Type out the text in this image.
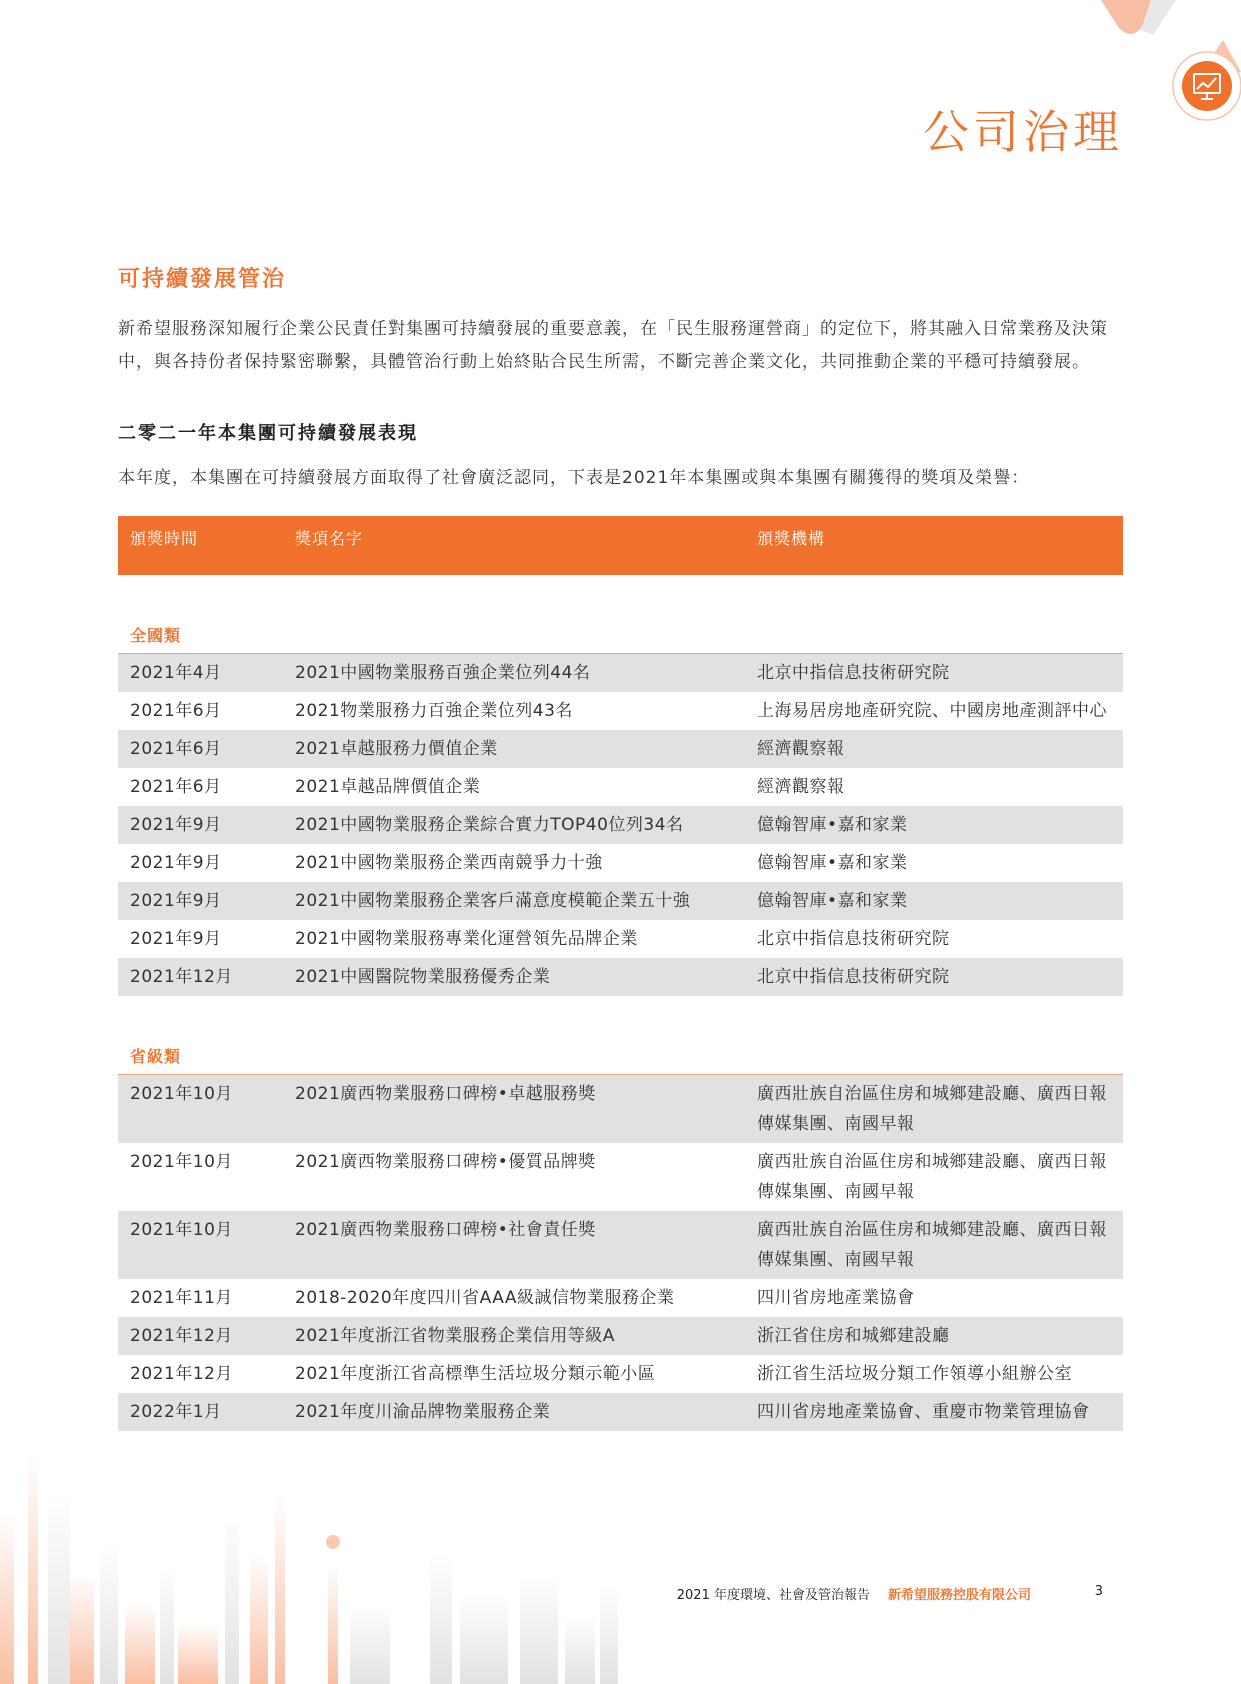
公司治理
可持續發展管治

新希望服務深知履行企業公民責任對集團可持續發展的重要意義，在「民生服務運營商」的定位下，將其融入日常業務及決策中，與各持份者保持緊密聯繫，具體管治行動上始終貼合民生所需，不斷完善企業文化，共同推動企業的平穩可持續發展。

二零二一年本集團可持續發展表現

本年度，本集團在可持續發展方面取得了社會廣泛認同，下表是2021年本集團或與本集團有關獲得的獎項及榮譽：

頒獎時間	獎項名字	頒獎機構

全國類		
2021年4月	2021中國物業服務百強企業位列44名	北京中指信息技術研究院
2021年6月	2021物業服務力百強企業位列43名	上海易居房地產研究院、中國房地產測評中心
2021年6月	2021卓越服務力價值企業	經濟觀察報
2021年6月	2021卓越品牌價值企業	經濟觀察報
2021年9月	2021中國物業服務企業綜合實力TOP40位列34名	億翰智庫•嘉和家業
2021年9月	2021中國物業服務企業西南競爭力十強	億翰智庫•嘉和家業
2021年9月	2021中國物業服務企業客戶滿意度模範企業五十強	億翰智庫•嘉和家業
2021年9月	2021中國物業服務專業化運營領先品牌企業	北京中指信息技術研究院
2021年12月	2021中國醫院物業服務優秀企業	北京中指信息技術研究院

省級類		
2021年10月	2021廣西物業服務口碑榜•卓越服務獎	廣西壯族自治區住房和城鄉建設廳、廣西日報傳媒集團、南國早報
2021年10月	2021廣西物業服務口碑榜•優質品牌獎	廣西壯族自治區住房和城鄉建設廳、廣西日報傳媒集團、南國早報
2021年10月	2021廣西物業服務口碑榜•社會責任獎	廣西壯族自治區住房和城鄉建設廳、廣西日報傳媒集團、南國早報
2021年11月	2018-2020年度四川省AAA級誠信物業服務企業	四川省房地產業協會
2021年12月	2021年度浙江省物業服務企業信用等級A	浙江省住房和城鄉建設廳
2021年12月	2021年度浙江省高標準生活垃圾分類示範小區	浙江省生活垃圾分類工作領導小組辦公室
2022年1月	2021年度川渝品牌物業服務企業	四川省房地產業協會、重慶市物業管理協會
2021 年度環境、社會及管治報告 新希望服務控股有限公司	3
